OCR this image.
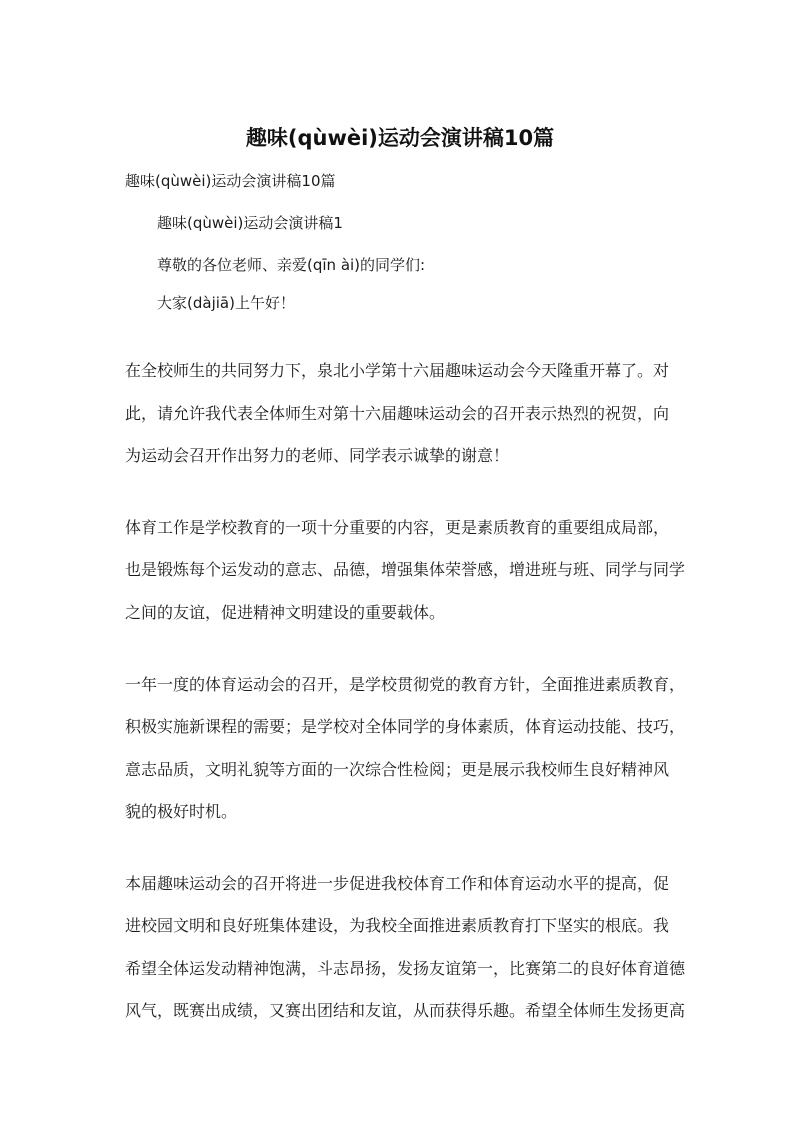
趣味(qùwèi)运动会演讲稿10篇
趣味(qùwèi)运动会演讲稿10篇
趣味(qùwèi)运动会演讲稿1
尊敬的各位老师、亲爱(qīn ài)的同学们:
大家(dàjiā)上午好！
在全校师生的共同努力下，泉北小学第十六届趣味运动会今天隆重开幕了。对
此，请允许我代表全体师生对第十六届趣味运动会的召开表示热烈的祝贺，向
为运动会召开作出努力的老师、同学表示诚挚的谢意！
体育工作是学校教育的一项十分重要的内容，更是素质教育的重要组成局部，
也是锻炼每个运发动的意志、品德，增强集体荣誉感，增进班与班、同学与同学
之间的友谊，促进精神文明建设的重要载体。
一年一度的体育运动会的召开，是学校贯彻党的教育方针，全面推进素质教育，
积极实施新课程的需要；是学校对全体同学的身体素质，体育运动技能、技巧，
意志品质，文明礼貌等方面的一次综合性检阅；更是展示我校师生良好精神风
貌的极好时机。
本届趣味运动会的召开将进一步促进我校体育工作和体育运动水平的提高，促
进校园文明和良好班集体建设，为我校全面推进素质教育打下坚实的根底。我
希望全体运发动精神饱满，斗志昂扬，发扬友谊第一，比赛第二的良好体育道德
风气，既赛出成绩，又赛出团结和友谊，从而获得乐趣。希望全体师生发扬更高
